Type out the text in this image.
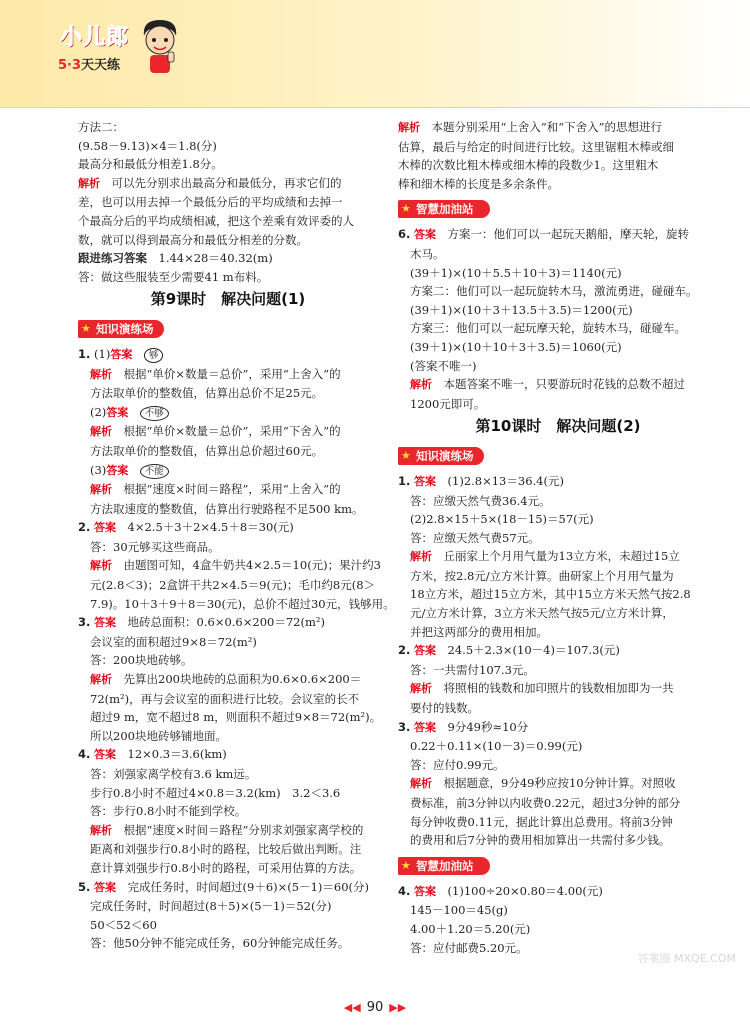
小儿郎
5·3天天练
方法二：
(9.58－9.13)×4＝1.8(分)
最高分和最低分相差1.8分。
解析　 可以先分别求出最高分和最低分，再求它们的
差，也可以用去掉一个最低分后的平均成绩和去掉一
个最高分后的平均成绩相减，把这个差乘有效评委的人
数，就可以得到最高分和最低分相差的分数。
跟进练习答案　 1.44×28＝40.32(m)
答：做这些服装至少需要41 m布料。
第9课时　解决问题(1)
★ 知识演练场
1. (1)答案　 够
解析　 根据“单价×数量＝总价”，采用“上舍入”的
方法取单价的整数值，估算出总价不足25元。
(2)答案　 不够
解析　 根据“单价×数量＝总价”，采用“下舍入”的
方法取单价的整数值，估算出总价超过60元。
(3)答案　 不能
解析　 根据“速度×时间＝路程”，采用“上舍入”的
方法取速度的整数值，估算出行驶路程不足500 km。
2. 答案　 4×2.5＋3＋2×4.5＋8＝30(元)
答：30元够买这些商品。
解析　 由题图可知，4盒牛奶共4×2.5＝10(元)；果汁约3
元(2.8＜3)；2盒饼干共2×4.5＝9(元)；毛巾约8元(8＞
7.9)。10＋3＋9＋8＝30(元)，总价不超过30元，钱够用。
3. 答案　 地砖总面积：0.6×0.6×200＝72(m²)
会议室的面积超过9×8＝72(m²)
答：200块地砖够。
解析　 先算出200块地砖的总面积为0.6×0.6×200＝
72(m²)，再与会议室的面积进行比较。会议室的长不
超过9 m，宽不超过8 m，则面积不超过9×8＝72(m²)。
所以200块地砖够铺地面。
4. 答案　 12×0.3＝3.6(km)
答：刘强家离学校有3.6 km远。
步行0.8小时不超过4×0.8＝3.2(km)　3.2＜3.6
答：步行0.8小时不能到学校。
解析　 根据“速度×时间＝路程”分别求刘强家离学校的
距离和刘强步行0.8小时的路程，比较后做出判断。注
意计算刘强步行0.8小时的路程，可采用估算的方法。
5. 答案　 完成任务时，时间超过(9＋6)×(5－1)＝60(分)
完成任务时，时间超过(8＋5)×(5－1)＝52(分)
50＜52＜60
答：他50分钟不能完成任务，60分钟能完成任务。
解析　 本题分别采用“上舍入”和“下舍入”的思想进行
估算，最后与给定的时间进行比较。这里锯粗木棒或细
木棒的次数比粗木棒或细木棒的段数少1。这里粗木
棒和细木棒的长度是多余条件。
★ 智慧加油站
6. 答案　 方案一：他们可以一起玩天鹅船，摩天轮，旋转
木马。
(39＋1)×(10＋5.5＋10＋3)＝1140(元)
方案二：他们可以一起玩旋转木马，激流勇进，碰碰车。
(39＋1)×(10＋3＋13.5＋3.5)＝1200(元)
方案三：他们可以一起玩摩天轮，旋转木马，碰碰车。
(39＋1)×(10＋10＋3＋3.5)＝1060(元)
(答案不唯一)
解析　 本题答案不唯一，只要游玩时花钱的总数不超过
1200元即可。
第10课时　解决问题(2)
★ 知识演练场
1. 答案　 (1)2.8×13＝36.4(元)
答：应缴天然气费36.4元。
(2)2.8×15＋5×(18－15)＝57(元)
答：应缴天然气费57元。
解析　 丘丽家上个月用气量为13立方米，未超过15立
方米，按2.8元/立方米计算。曲研家上个月用气量为
18立方米，超过15立方米，其中15立方米天然气按2.8
元/立方米计算，3立方米天然气按5元/立方米计算，
并把这两部分的费用相加。
2. 答案　 24.5＋2.3×(10－4)＝107.3(元)
答：一共需付107.3元。
解析　 将照相的钱数和加印照片的钱数相加即为一共
要付的钱数。
3. 答案　 9分49秒≈10分
0.22＋0.11×(10－3)＝0.99(元)
答：应付0.99元。
解析　 根据题意，9分49秒应按10分钟计算。对照收
费标准，前3分钟以内收费0.22元，超过3分钟的部分
每分钟收费0.11元，据此计算出总费用。将前3分钟
的费用和后7分钟的费用相加算出一共需付多少钱。
★ 智慧加油站
4. 答案　 (1)100÷20×0.80＝4.00(元)
145－100＝45(g)
4.00＋1.20＝5.20(元)
答：应付邮费5.20元。
答案圈 MXQE.COM
◀◀ 90 ▶▶
